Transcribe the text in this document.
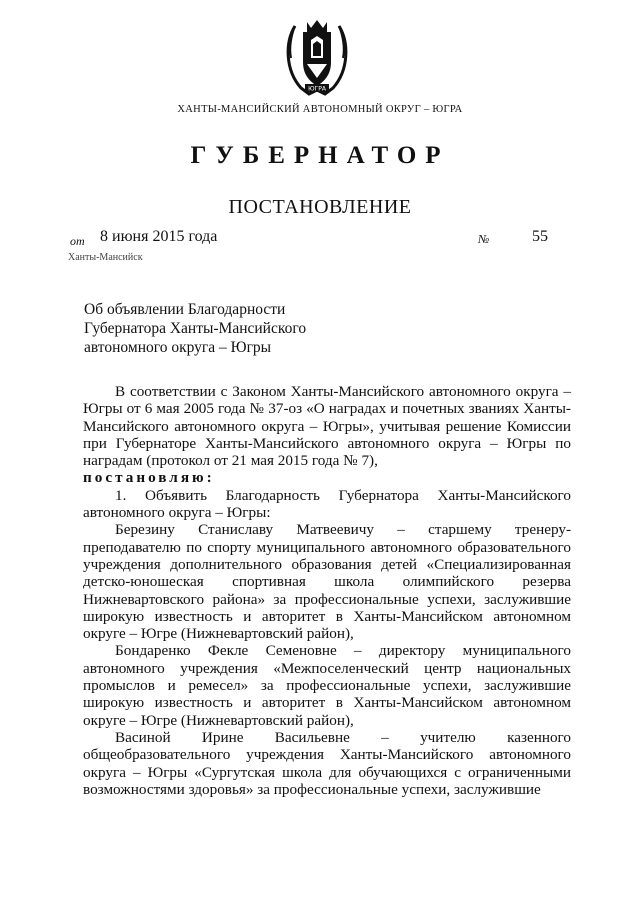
ЮГРА
ХАНТЫ-МАНСИЙСКИЙ АВТОНОМНЫЙ ОКРУГ – ЮГРА
ГУБЕРНАТОР
ПОСТАНОВЛЕНИЕ
от 8 июня 2015 года	№	55
Ханты-Мансийск
Об объявлении Благодарности
Губернатора Ханты-Мансийского
автономного округа – Югры

В соответствии с Законом Ханты-Мансийского автономного округа – Югры от 6 мая 2005 года № 37-оз «О наградах и почетных званиях Ханты-Мансийского автономного округа – Югры», учитывая решение Комиссии при Губернаторе Ханты-Мансийского автономного округа – Югры по наградам (протокол от 21 мая 2015 года № 7),

постановляю:

1. Объявить Благодарность Губернатора Ханты-Мансийского автономного округа – Югры:

Березину Станиславу Матвеевичу – старшему тренеру-преподавателю по спорту муниципального автономного образовательного учреждения дополнительного образования детей «Специализированная детско-юношеская спортивная школа олимпийского резерва Нижневартовского района» за профессиональные успехи, заслужившие широкую известность и авторитет в Ханты-Мансийском автономном округе – Югре (Нижневартовский район),

Бондаренко Фекле Семеновне – директору муниципального автономного учреждения «Межпоселенческий центр национальных промыслов и ремесел» за профессиональные успехи, заслужившие широкую известность и авторитет в Ханты-Мансийском автономном округе – Югре (Нижневартовский район),

Васиной Ирине Васильевне – учителю казенного общеобразовательного учреждения Ханты-Мансийского автономного округа – Югры «Сургутская школа для обучающихся с ограниченными возможностями здоровья» за профессиональные успехи, заслужившие
